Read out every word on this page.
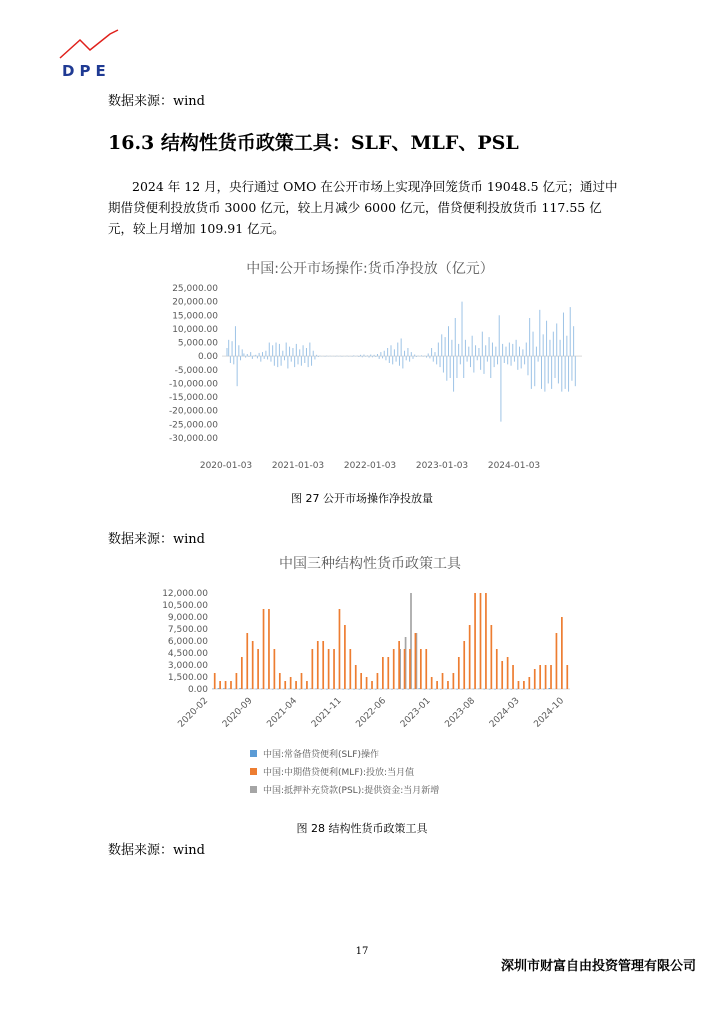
DPE
数据来源：wind
16.3 结构性货币政策工具：SLF、MLF、PSL
2024 年 12 月，央行通过 OMO 在公开市场上实现净回笼货币 19048.5 亿元；通过中期借贷便利投放货币 3000 亿元，较上月减少 6000 亿元，借贷便利投放货币 117.55 亿元，较上月增加 109.91 亿元。
中国:公开市场操作:货币净投放（亿元）
25,000.00
20,000.00
15,000.00
10,000.00
5,000.00
0.00
-5,000.00
-10,000.00
-15,000.00
-20,000.00
-25,000.00
-30,000.00
2020-01-03 2021-01-03 2022-01-03 2023-01-03 2024-01-03
图 27 公开市场操作净投放量
数据来源：wind
中国三种结构性货币政策工具
12,000.00
10,500.00
9,000.00
7,500.00
6,000.00
4,500.00
3,000.00
1,500.00
0.00
2020-02 2020-09 2021-04 2021-11 2022-06 2023-01 2023-08 2024-03 2024-10
中国:常备借贷便利(SLF)操作
中国:中期借贷便利(MLF):投放:当月值
中国:抵押补充贷款(PSL):提供资金:当月新增
图 28 结构性货币政策工具
数据来源：wind
17
深圳市财富自由投资管理有限公司
